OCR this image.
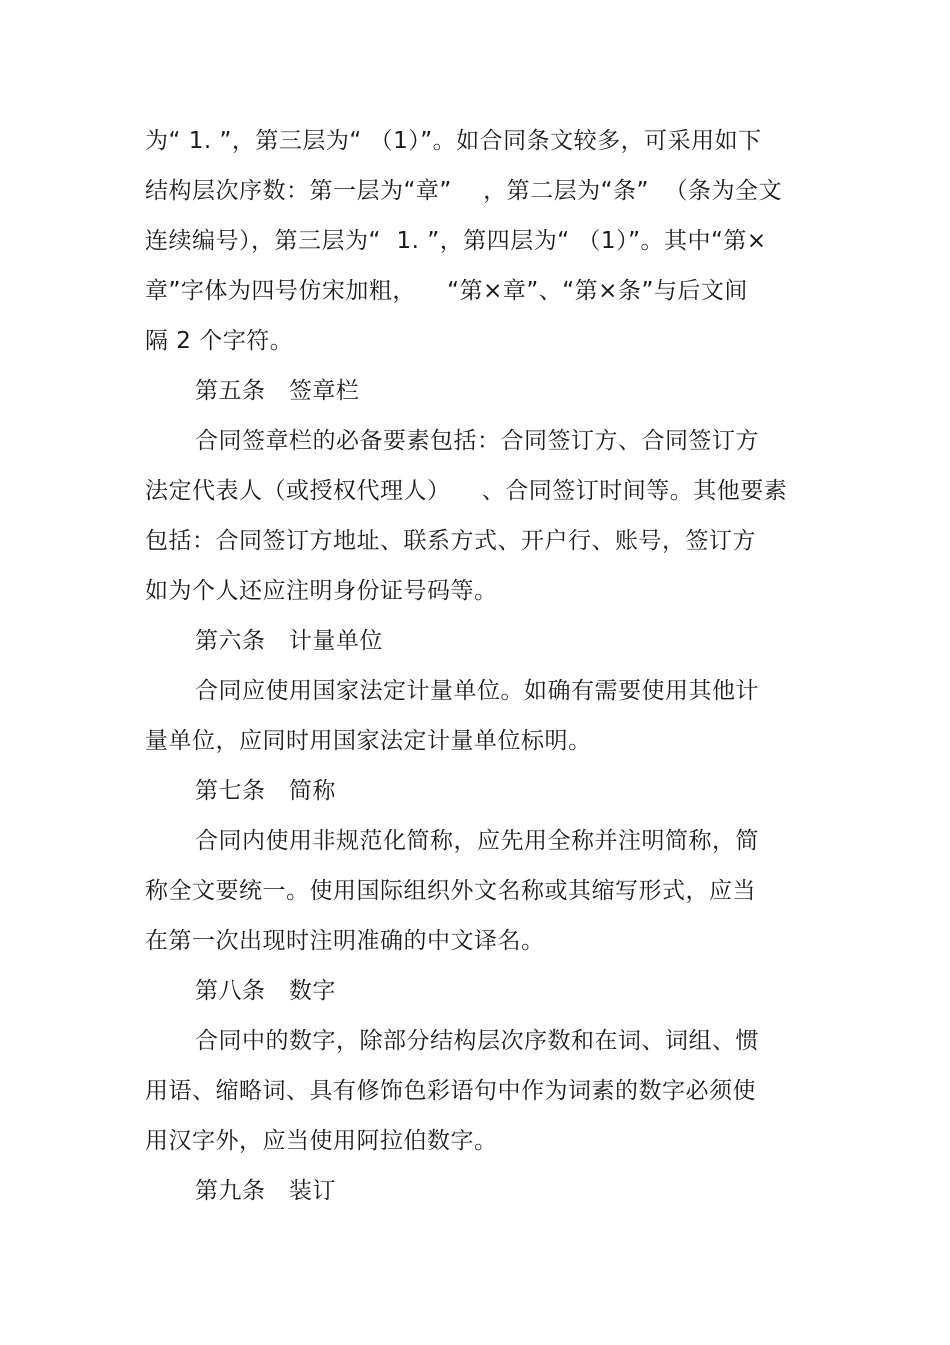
为“ 1. ”，第三层为“ （1）”。如合同条文较多，可采用如下
结构层次序数：第一层为“章”    ，第二层为“条”  （条为全文
连续编号），第三层为“  1. ”，第四层为“ （1）”。其中“第×
章”字体为四号仿宋加粗，    “第×章”、“第×条”与后文间
隔 2 个字符。
第五条   签章栏
合同签章栏的必备要素包括：合同签订方、合同签订方
法定代表人（或授权代理人）    、合同签订时间等。其他要素
包括：合同签订方地址、联系方式、开户行、账号，签订方
如为个人还应注明身份证号码等。
第六条   计量单位
合同应使用国家法定计量单位。如确有需要使用其他计
量单位，应同时用国家法定计量单位标明。
第七条   简称
合同内使用非规范化简称，应先用全称并注明简称，简
称全文要统一。使用国际组织外文名称或其缩写形式，应当
在第一次出现时注明准确的中文译名。
第八条   数字
合同中的数字，除部分结构层次序数和在词、词组、惯
用语、缩略词、具有修饰色彩语句中作为词素的数字必须使
用汉字外，应当使用阿拉伯数字。
第九条   装订
